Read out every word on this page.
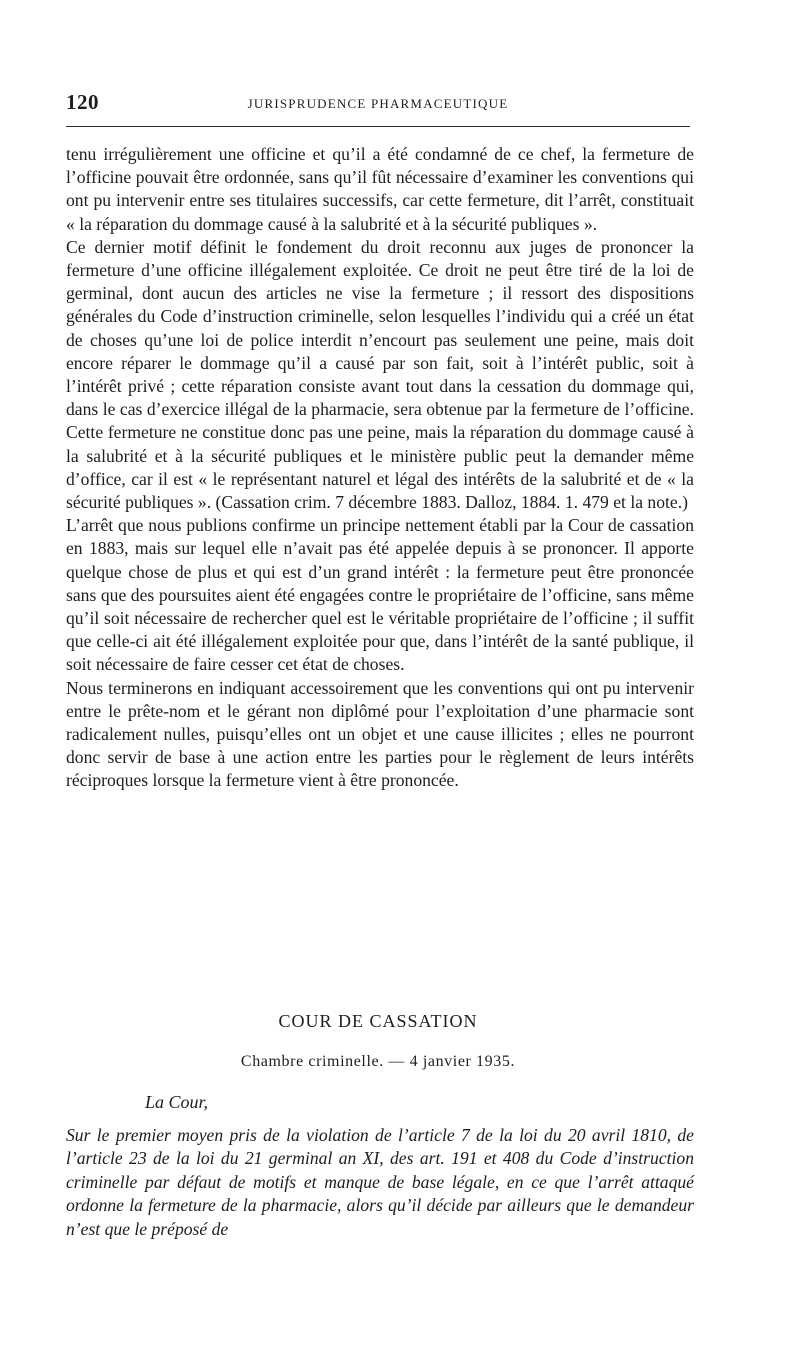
120	JURISPRUDENCE PHARMACEUTIQUE

tenu irrégulièrement une officine et qu’il a été condamné de ce chef, la fermeture de l’officine pouvait être ordonnée, sans qu’il fût nécessaire d’examiner les conventions qui ont pu intervenir entre ses titulaires successifs, car cette fermeture, dit l’arrêt, constituait « la réparation du dommage causé à la salubrité et à la sécurité publiques ».

Ce dernier motif définit le fondement du droit reconnu aux juges de prononcer la fermeture d’une officine illégalement exploitée. Ce droit ne peut être tiré de la loi de germinal, dont aucun des articles ne vise la fermeture ; il ressort des dispositions générales du Code d’instruction criminelle, selon lesquelles l’individu qui a créé un état de choses qu’une loi de police interdit n’encourt pas seulement une peine, mais doit encore réparer le dommage qu’il a causé par son fait, soit à l’intérêt public, soit à l’intérêt privé ; cette réparation consiste avant tout dans la cessation du dommage qui, dans le cas d’exercice illégal de la pharmacie, sera obtenue par la fermeture de l’officine. Cette fermeture ne constitue donc pas une peine, mais la réparation du dommage causé à la salubrité et à la sécurité publiques et le ministère public peut la demander même d’office, car il est « le représentant naturel et légal des intérêts de la salubrité et de « la sécurité publiques ». (Cassation crim. 7 décembre 1883. Dalloz, 1884. 1. 479 et la note.)

L’arrêt que nous publions confirme un principe nettement établi par la Cour de cassation en 1883, mais sur lequel elle n’avait pas été appelée depuis à se prononcer. Il apporte quelque chose de plus et qui est d’un grand intérêt : la fermeture peut être prononcée sans que des poursuites aient été engagées contre le propriétaire de l’officine, sans même qu’il soit nécessaire de rechercher quel est le véritable propriétaire de l’officine ; il suffit que celle-ci ait été illégalement exploitée pour que, dans l’intérêt de la santé publique, il soit nécessaire de faire cesser cet état de choses.

Nous terminerons en indiquant accessoirement que les conventions qui ont pu intervenir entre le prête-nom et le gérant non diplômé pour l’exploitation d’une pharmacie sont radicalement nulles, puisqu’elles ont un objet et une cause illicites ; elles ne pourront donc servir de base à une action entre les parties pour le règlement de leurs intérêts réciproques lorsque la fermeture vient à être prononcée.

COUR DE CASSATION
Chambre criminelle. — 4 janvier 1935.
La Cour,
Sur le premier moyen pris de la violation de l’article 7 de la loi du 20 avril 1810, de l’article 23 de la loi du 21 germinal an XI, des art. 191 et 408 du Code d’instruction criminelle par défaut de motifs et manque de base légale, en ce que l’arrêt attaqué ordonne la fermeture de la pharmacie, alors qu’il décide par ailleurs que le demandeur n’est que le préposé de
